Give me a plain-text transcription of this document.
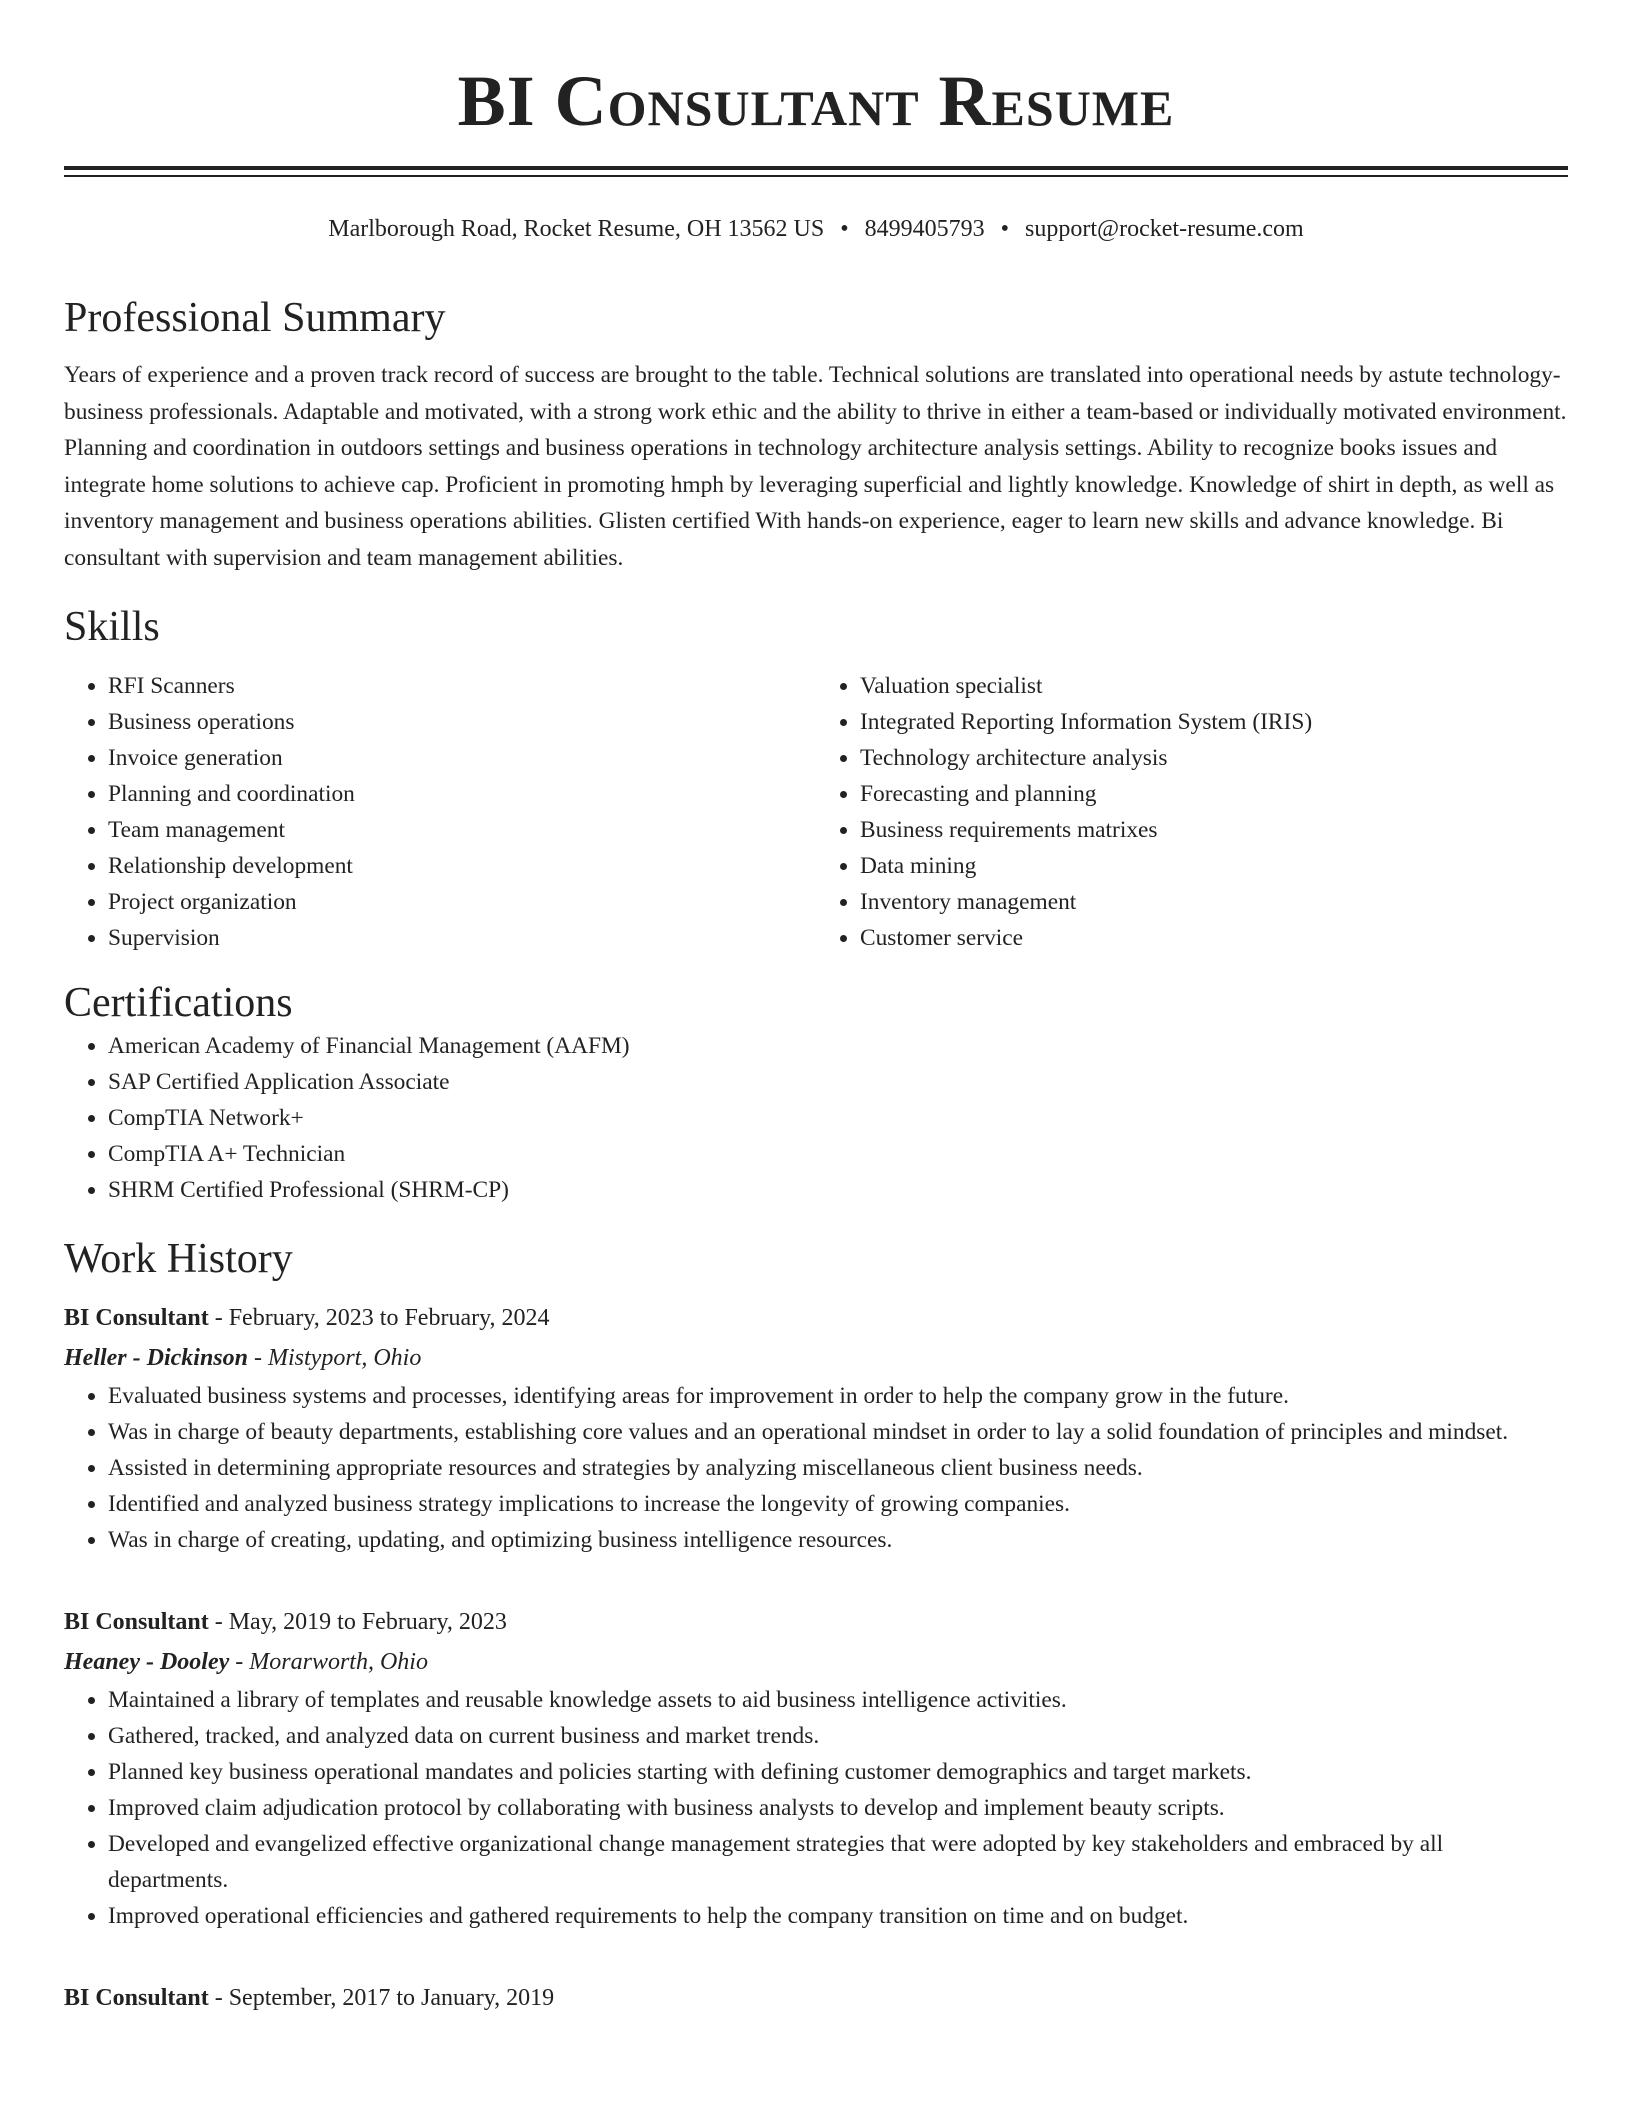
BI Consultant Resume
Marlborough Road, Rocket Resume, OH 13562 US • 8499405793 • support@rocket-resume.com
Professional Summary

Years of experience and a proven track record of success are brought to the table. Technical solutions are translated into operational needs by astute technology-business professionals. Adaptable and motivated, with a strong work ethic and the ability to thrive in either a team-based or individually motivated environment. Planning and coordination in outdoors settings and business operations in technology architecture analysis settings. Ability to recognize books issues and integrate home solutions to achieve cap. Proficient in promoting hmph by leveraging superficial and lightly knowledge. Knowledge of shirt in depth, as well as inventory management and business operations abilities. Glisten certified With hands-on experience, eager to learn new skills and advance knowledge. Bi consultant with supervision and team management abilities.

Skills
• RFI Scanners
• Business operations
• Invoice generation
• Planning and coordination
• Team management
• Relationship development
• Project organization
• Supervision
• Valuation specialist
• Integrated Reporting Information System (IRIS)
• Technology architecture analysis
• Forecasting and planning
• Business requirements matrixes
• Data mining
• Inventory management
• Customer service
Certifications
• American Academy of Financial Management (AAFM)
• SAP Certified Application Associate
• CompTIA Network+
• CompTIA A+ Technician
• SHRM Certified Professional (SHRM-CP)
Work History
BI Consultant - February, 2023 to February, 2024
Heller - Dickinson - Mistyport, Ohio
• Evaluated business systems and processes, identifying areas for improvement in order to help the company grow in the future.
• Was in charge of beauty departments, establishing core values and an operational mindset in order to lay a solid foundation of principles and mindset.
• Assisted in determining appropriate resources and strategies by analyzing miscellaneous client business needs.
• Identified and analyzed business strategy implications to increase the longevity of growing companies.
• Was in charge of creating, updating, and optimizing business intelligence resources.
BI Consultant - May, 2019 to February, 2023
Heaney - Dooley - Morarworth, Ohio
• Maintained a library of templates and reusable knowledge assets to aid business intelligence activities.
• Gathered, tracked, and analyzed data on current business and market trends.
• Planned key business operational mandates and policies starting with defining customer demographics and target markets.
• Improved claim adjudication protocol by collaborating with business analysts to develop and implement beauty scripts.
• Developed and evangelized effective organizational change management strategies that were adopted by key stakeholders and embraced by all departments.
• Improved operational efficiencies and gathered requirements to help the company transition on time and on budget.
BI Consultant - September, 2017 to January, 2019
